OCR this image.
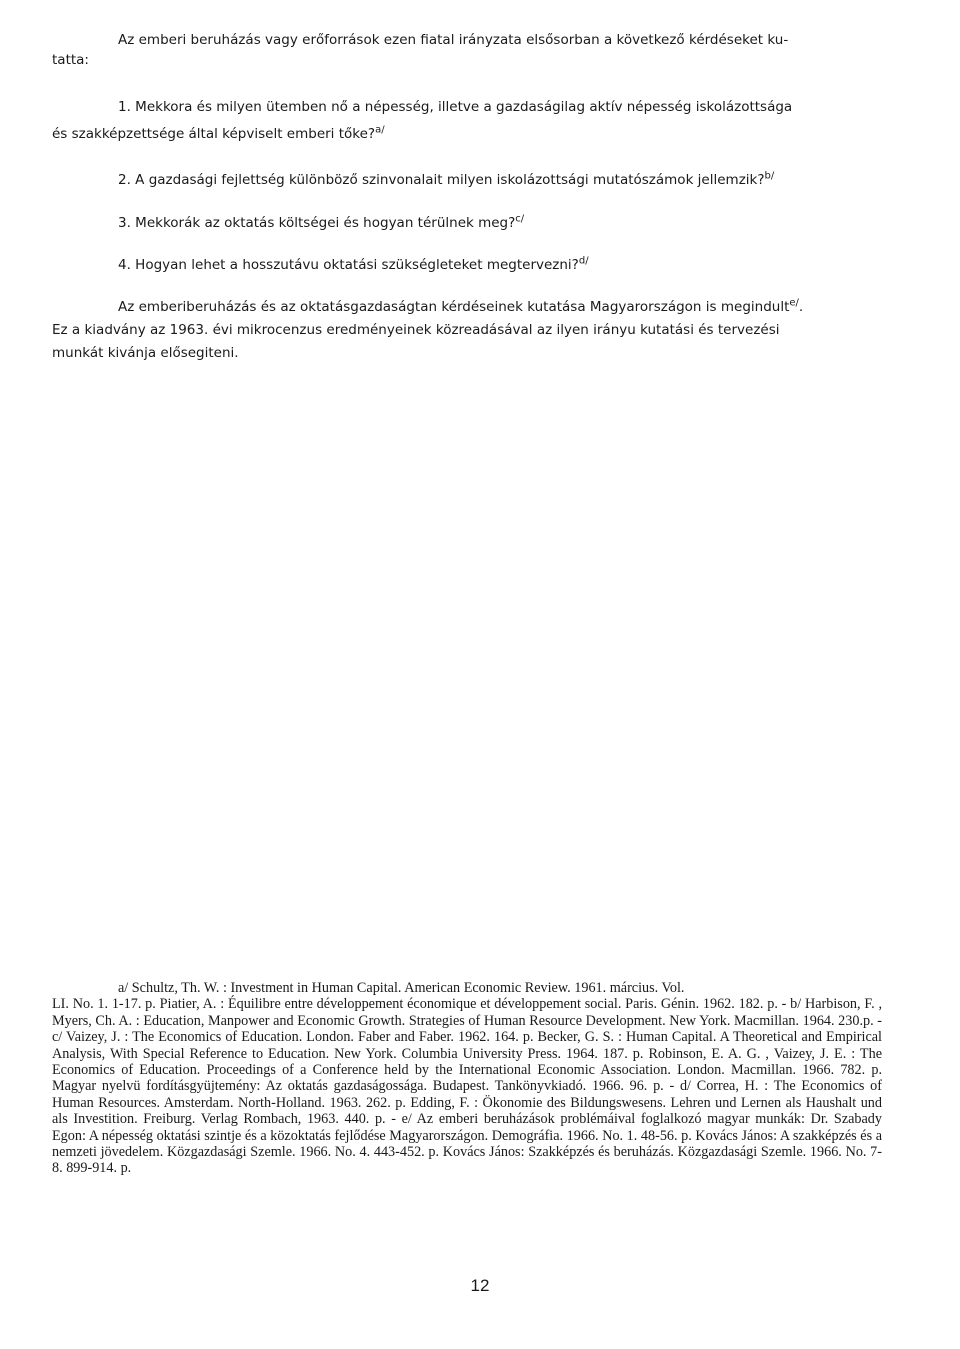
Az emberi beruházás vagy erőforrások ezen fiatal irányzata elsősorban a következő kérdéseket ku-
tatta:
1. Mekkora és milyen ütemben nő a népesség, illetve a gazdaságilag aktív népesség iskolázottsága
és szakképzettsége által képviselt emberi tőke?$^{a/}$
2. A gazdasági fejlettség különböző szinvonalait milyen iskolázottsági mutatószámok jellemzik?$^{b/}$
3. Mekkorák az oktatás költségei és hogyan térülnek meg?$^{c/}$
4. Hogyan lehet a hosszutávu oktatási szükségleteket megtervezni?$^{d/}$
Az emberiberuházás és az oktatásgazdaságtan kérdéseinek kutatása Magyarországon is megindult$^{e/}$.
Ez a kiadvány az 1963. évi mikrocenzus eredményeinek közreadásával az ilyen irányu kutatási és tervezési
munkát kivánja elősegiteni.
a/ Schultz, Th. W. : Investment in Human Capital. American Economic Review. 1961. március. Vol.
LI. No. 1. 1-17. p. Piatier, A. : Équilibre entre développement économique et développement social. Paris. Génin. 1962. 182. p. - b/ Harbison, F. , Myers, Ch. A. : Education, Manpower and Economic Growth. Strategies of Human Resource Development. New York. Macmillan. 1964. 230.p. - c/ Vaizey, J. : The Economics of Education. London. Faber and Faber. 1962. 164. p. Becker, G. S. : Human Capital. A Theoretical and Empirical Analysis, With Special Reference to Education. New York. Columbia University Press. 1964. 187. p. Robinson, E. A. G. , Vaizey, J. E. : The Economics of Education. Proceedings of a Conference held by the International Economic Association. London. Macmillan. 1966. 782. p. Magyar nyelvü fordításgyüjtemény: Az oktatás gazdaságossága. Budapest. Tankönyvkiadó. 1966. 96. p. - d/ Correa, H. : The Economics of Human Resources. Amsterdam. North-Holland. 1963. 262. p. Edding, F. : Ökonomie des Bildungswesens. Lehren und Lernen als Haushalt und als Investition. Freiburg. Verlag Rombach, 1963. 440. p. - e/ Az emberi beruházások problémáival foglalkozó magyar munkák: Dr. Szabady Egon: A népesség oktatási szintje és a közoktatás fejlődése Magyarországon. Demográfia. 1966. No. 1. 48-56. p. Kovács János: A szakképzés és a nemzeti jövedelem. Közgazdasági Szemle. 1966. No. 4. 443-452. p. Kovács János: Szakképzés és beruházás. Közgazdasági Szemle. 1966. No. 7-8. 899-914. p.
12
